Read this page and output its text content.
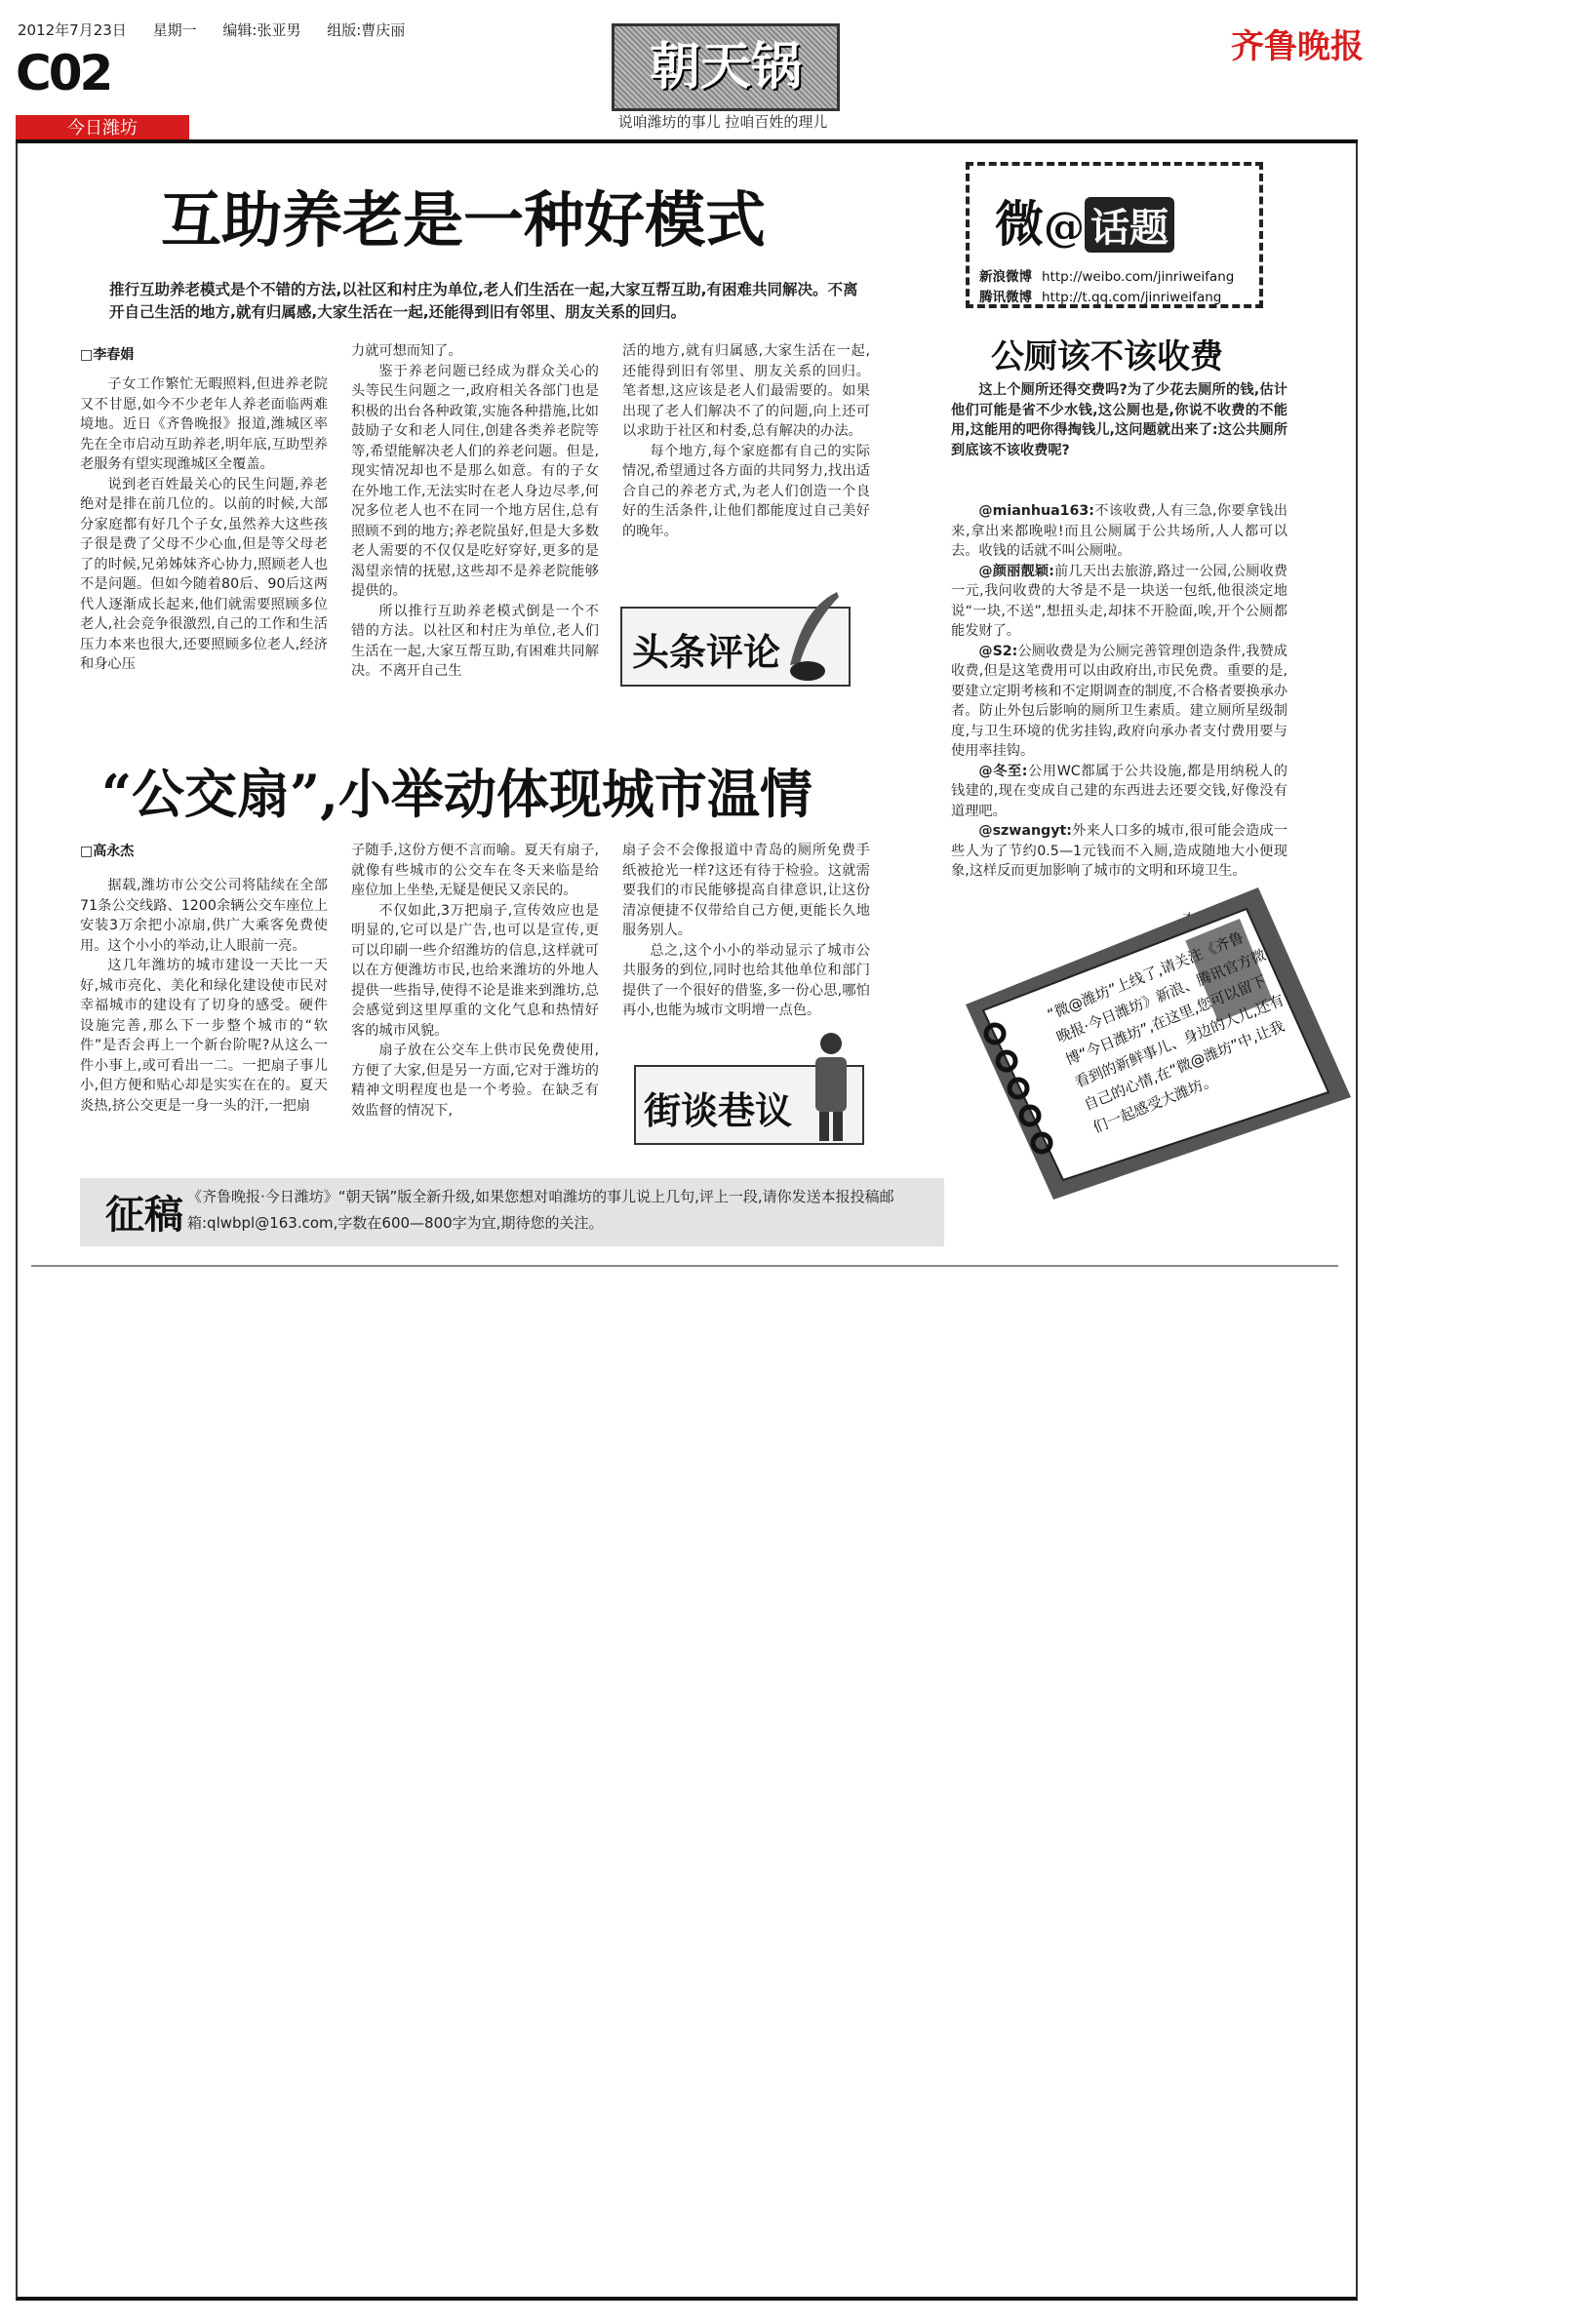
2012年7月23日 星期一 编辑:张亚男 组版:曹庆丽
C02
今日潍坊
朝天锅
说咱潍坊的事儿 拉咱百姓的理儿
齐鲁晚报
互助养老是一种好模式
推行互助养老模式是个不错的方法,以社区和村庄为单位,老人们生活在一起,大家互帮互助,有困难共同解决。不离开自己生活的地方,就有归属感,大家生活在一起,还能得到旧有邻里、朋友关系的回归。
□李春娟

子女工作繁忙无暇照料,但进养老院又不甘愿,如今不少老年人养老面临两难境地。近日《齐鲁晚报》报道,潍城区率先在全市启动互助养老,明年底,互助型养老服务有望实现潍城区全覆盖。

说到老百姓最关心的民生问题,养老绝对是排在前几位的。以前的时候,大部分家庭都有好几个子女,虽然养大这些孩子很是费了父母不少心血,但是等父母老了的时候,兄弟姊妹齐心协力,照顾老人也不是问题。但如今随着80后、90后这两代人逐渐成长起来,他们就需要照顾多位老人,社会竞争很激烈,自己的工作和生活压力本来也很大,还要照顾多位老人,经济和身心压

力就可想而知了。

鉴于养老问题已经成为群众关心的头等民生问题之一,政府相关各部门也是积极的出台各种政策,实施各种措施,比如鼓励子女和老人同住,创建各类养老院等等,希望能解决老人们的养老问题。但是,现实情况却也不是那么如意。有的子女在外地工作,无法实时在老人身边尽孝,何况多位老人也不在同一个地方居住,总有照顾不到的地方;养老院虽好,但是大多数老人需要的不仅仅是吃好穿好,更多的是渴望亲情的抚慰,这些却不是养老院能够提供的。

所以推行互助养老模式倒是一个不错的方法。以社区和村庄为单位,老人们生活在一起,大家互帮互助,有困难共同解决。不离开自己生

活的地方,就有归属感,大家生活在一起,还能得到旧有邻里、朋友关系的回归。笔者想,这应该是老人们最需要的。如果出现了老人们解决不了的问题,向上还可以求助于社区和村委,总有解决的办法。

每个地方,每个家庭都有自己的实际情况,希望通过各方面的共同努力,找出适合自己的养老方式,为老人们创造一个良好的生活条件,让他们都能度过自己美好的晚年。

头条评论
“公交扇”,小举动体现城市温情
□高永杰

据载,潍坊市公交公司将陆续在全部71条公交线路、1200余辆公交车座位上安装3万余把小凉扇,供广大乘客免费使用。这个小小的举动,让人眼前一亮。

这几年潍坊的城市建设一天比一天好,城市亮化、美化和绿化建设使市民对幸福城市的建设有了切身的感受。硬件设施完善,那么下一步整个城市的“软件”是否会再上一个新台阶呢?从这么一件小事上,或可看出一二。一把扇子事儿小,但方便和贴心却是实实在在的。夏天炎热,挤公交更是一身一头的汗,一把扇

子随手,这份方便不言而喻。夏天有扇子,就像有些城市的公交车在冬天来临是给座位加上坐垫,无疑是便民又亲民的。

不仅如此,3万把扇子,宣传效应也是明显的,它可以是广告,也可以是宣传,更可以印刷一些介绍潍坊的信息,这样就可以在方便潍坊市民,也给来潍坊的外地人提供一些指导,使得不论是谁来到潍坊,总会感觉到这里厚重的文化气息和热情好客的城市风貌。

扇子放在公交车上供市民免费使用,方便了大家,但是另一方面,它对于潍坊的精神文明程度也是一个考验。在缺乏有效监督的情况下,

扇子会不会像报道中青岛的厕所免费手纸被抢光一样?这还有待于检验。这就需要我们的市民能够提高自律意识,让这份清凉便捷不仅带给自己方便,更能长久地服务别人。

总之,这个小小的举动显示了城市公共服务的到位,同时也给其他单位和部门提供了一个很好的借鉴,多一份心思,哪怕再小,也能为城市文明增一点色。

街谈巷议
微@ 话题
新浪微博 http://weibo.com/jinriweifang
腾讯微博 http://t.qq.com/jinriweifang
公厕该不该收费

这上个厕所还得交费吗?为了少花去厕所的钱,估计他们可能是省不少水钱,这公厕也是,你说不收费的不能用,这能用的吧你得掏钱儿,这问题就出来了:这公共厕所到底该不该收费呢?

@mianhua163:不该收费,人有三急,你要拿钱出来,拿出来都晚啦!而且公厕属于公共场所,人人都可以去。收钱的话就不叫公厕啦。

@颜丽靓颖:前几天出去旅游,路过一公园,公厕收费一元,我问收费的大爷是不是一块送一包纸,他很淡定地说“一块,不送”,想扭头走,却抹不开脸面,唉,开个公厕都能发财了。

@S2:公厕收费是为公厕完善管理创造条件,我赞成收费,但是这笔费用可以由政府出,市民免费。重要的是,要建立定期考核和不定期调查的制度,不合格者要换承办者。防止外包后影响的厕所卫生素质。建立厕所星级制度,与卫生环境的优劣挂钩,政府向承办者支付费用要与使用率挂钩。

@冬至:公用WC都属于公共设施,都是用纳税人的钱建的,现在变成自己建的东西进去还要交钱,好像没有道理吧。

@szwangyt:外来人口多的城市,很可能会造成一些人为了节约0.5—1元钱而不入厕,造成随地大小便现象,这样反而更加影响了城市的文明和环境卫生。

“微@潍坊”上线了,请关注《齐鲁晚报·今日潍坊》新浪、腾讯官方微博“今日潍坊”,在这里,您可以留下看到的新鲜事儿、身边的人儿,还有自己的心情,在“微@潍坊”中,让我们一起感受大潍坊。
征稿 《齐鲁晚报·今日潍坊》“朝天锅”版全新升级,如果您想对咱潍坊的事儿说上几句,评上一段,请你发送本报投稿邮箱:qlwbpl@163.com,字数在600—800字为宜,期待您的关注。
